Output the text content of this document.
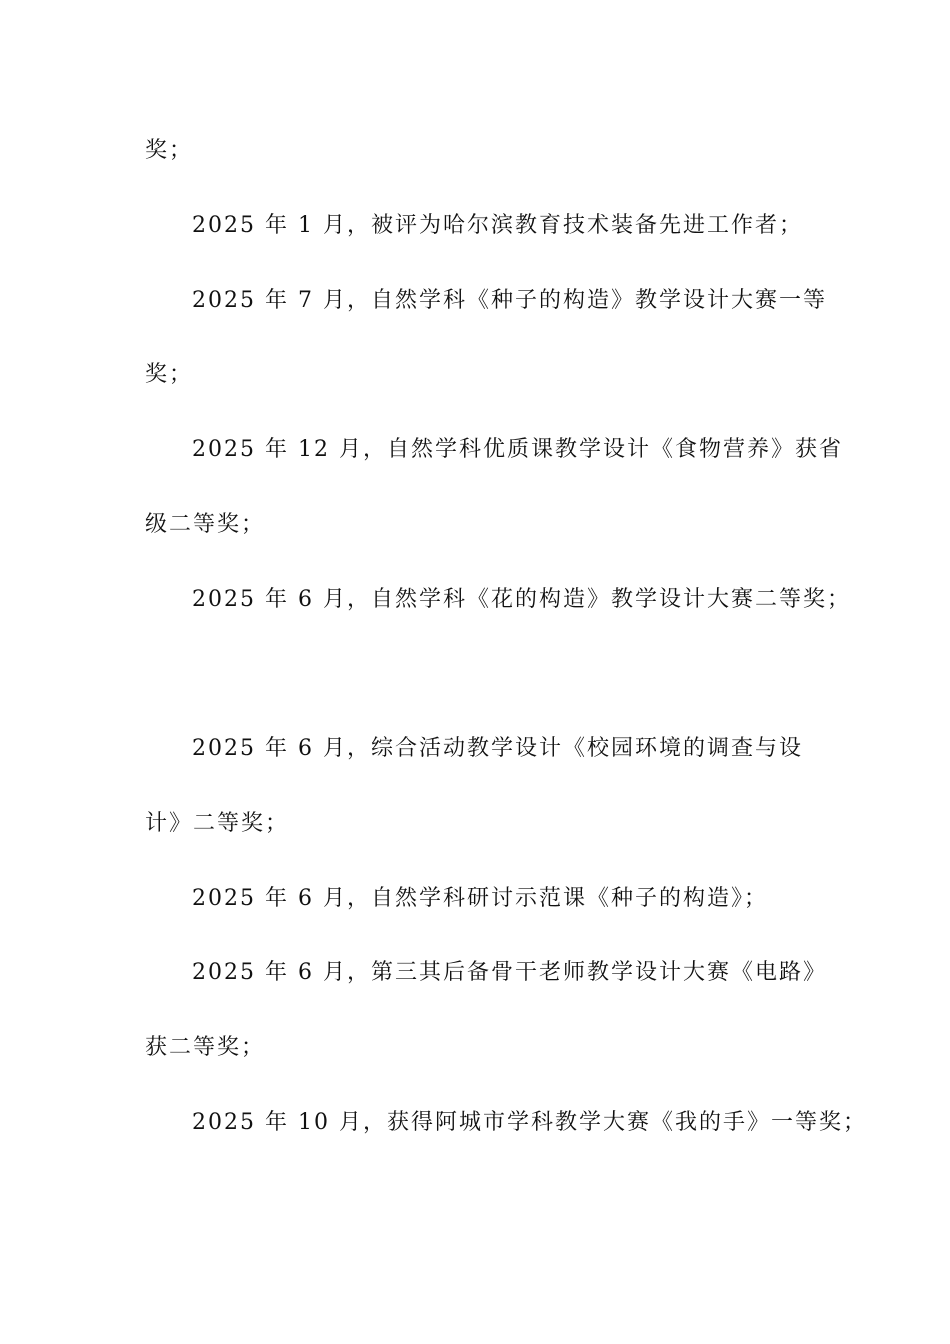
奖；
2025 年 1 月，被评为哈尔滨教育技术装备先进工作者；
2025 年 7 月，自然学科《种子的构造》教学设计大赛一等
奖；
2025 年 12 月，自然学科优质课教学设计《食物营养》获省
级二等奖；
2025 年 6 月，自然学科《花的构造》教学设计大赛二等奖；
2025 年 6 月，综合活动教学设计《校园环境的调查与设
计》二等奖；
2025 年 6 月，自然学科研讨示范课《种子的构造》；
2025 年 6 月，第三其后备骨干老师教学设计大赛《电路》
获二等奖；
2025 年 10 月，获得阿城市学科教学大赛《我的手》一等奖；
